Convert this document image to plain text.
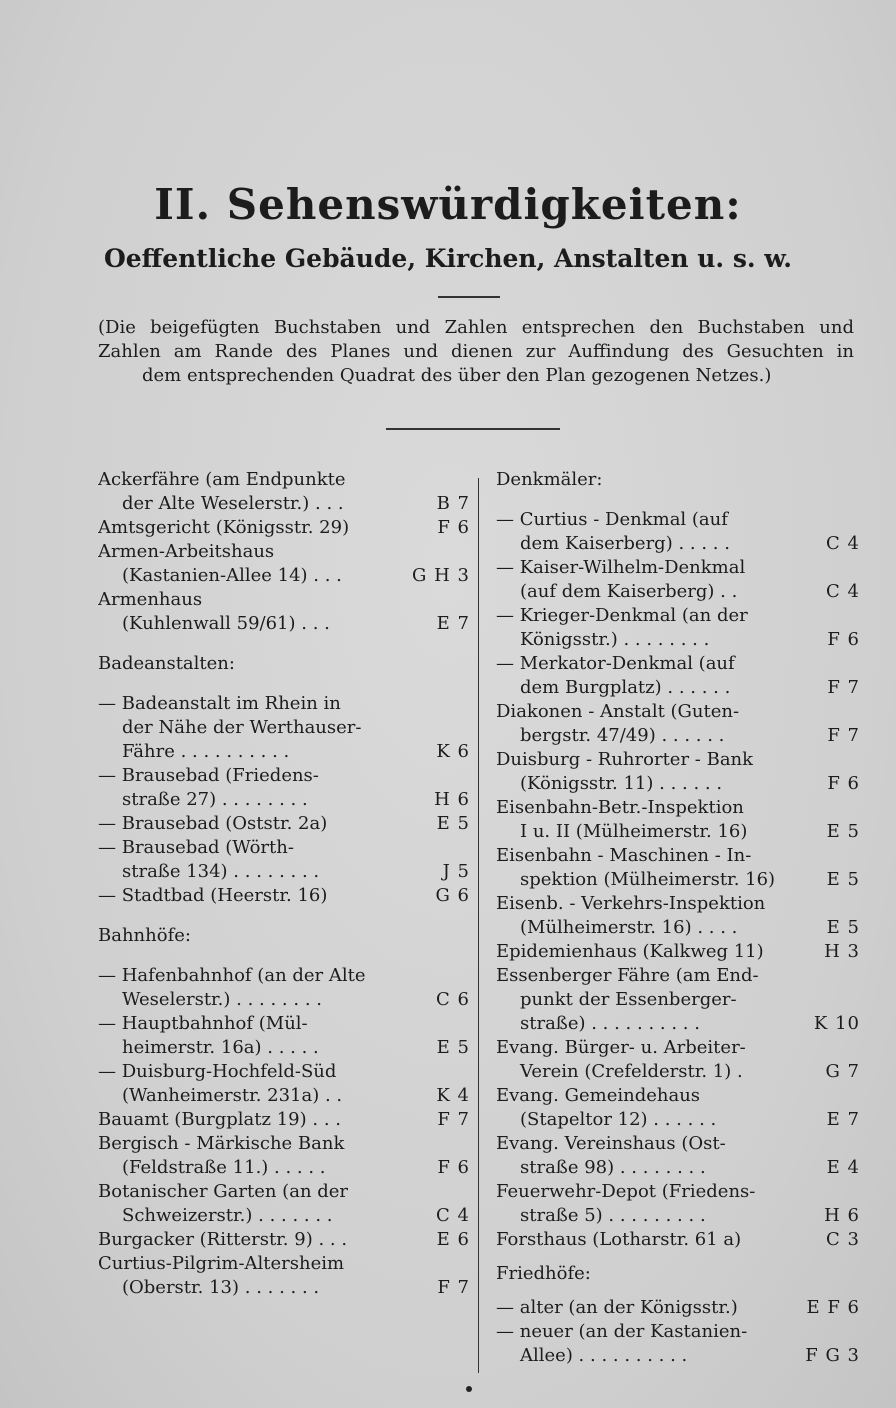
II. Sehenswürdigkeiten:
Oeffentliche Gebäude, Kirchen, Anstalten u. s. w.
(Die beigefügten Buchstaben und Zahlen entsprechen den Buchstaben und
Zahlen am Rande des Planes und dienen zur Auffindung des Gesuchten in
dem entsprechenden Quadrat des über den Plan gezogenen Netzes.)
Ackerfähre (am Endpunkte
der Alte Weselerstr.) . . .	B 7
Amtsgericht (Königsstr. 29)	F 6
Armen-Arbeitshaus
(Kastanien-Allee 14) . . .	G H 3
Armenhaus
(Kuhlenwall 59/61) . . .	E 7
Badeanstalten:
— Badeanstalt im Rhein in
der Nähe der Werthauser-
Fähre . . . . . . . . . .	K 6
— Brausebad (Friedens-
straße 27) . . . . . . . .	H 6
— Brausebad (Oststr. 2a)	E 5
— Brausebad (Wörth-
straße 134) . . . . . . . .	J 5
— Stadtbad (Heerstr. 16)	G 6
Bahnhöfe:
— Hafenbahnhof (an der Alte
Weselerstr.) . . . . . . . .	C 6
— Hauptbahnhof (Mül-
heimerstr. 16a) . . . . .	E 5
— Duisburg-Hochfeld-Süd
(Wanheimerstr. 231a) . .	K 4
Bauamt (Burgplatz 19) . . .	F 7
Bergisch - Märkische Bank
(Feldstraße 11.) . . . . .	F 6
Botanischer Garten (an der
Schweizerstr.) . . . . . . .	C 4
Burgacker (Ritterstr. 9) . . .	E 6
Curtius-Pilgrim-Altersheim
(Oberstr. 13) . . . . . . .	F 7
Denkmäler:
— Curtius - Denkmal (auf
dem Kaiserberg) . . . . .	C 4
— Kaiser-Wilhelm-Denkmal
(auf dem Kaiserberg) . .	C 4
— Krieger-Denkmal (an der
Königsstr.) . . . . . . . .	F 6
— Merkator-Denkmal (auf
dem Burgplatz) . . . . . .	F 7
Diakonen - Anstalt (Guten-
bergstr. 47/49) . . . . . .	F 7
Duisburg - Ruhrorter - Bank
(Königsstr. 11) . . . . . .	F 6
Eisenbahn-Betr.-Inspektion
I u. II (Mülheimerstr. 16)	E 5
Eisenbahn - Maschinen - In-
spektion (Mülheimerstr. 16)	E 5
Eisenb. - Verkehrs-Inspektion
(Mülheimerstr. 16) . . . .	E 5
Epidemienhaus (Kalkweg 11)	H 3
Essenberger Fähre (am End-
punkt der Essenberger-
straße) . . . . . . . . . .	K 10
Evang. Bürger- u. Arbeiter-
Verein (Crefelderstr. 1) .	G 7
Evang. Gemeindehaus
(Stapeltor 12) . . . . . .	E 7
Evang. Vereinshaus (Ost-
straße 98) . . . . . . . .	E 4
Feuerwehr-Depot (Friedens-
straße 5) . . . . . . . . .	H 6
Forsthaus (Lotharstr. 61 a)	C 3
Friedhöfe:
— alter (an der Königsstr.)	E F 6
— neuer (an der Kastanien-
Allee) . . . . . . . . . .	F G 3
